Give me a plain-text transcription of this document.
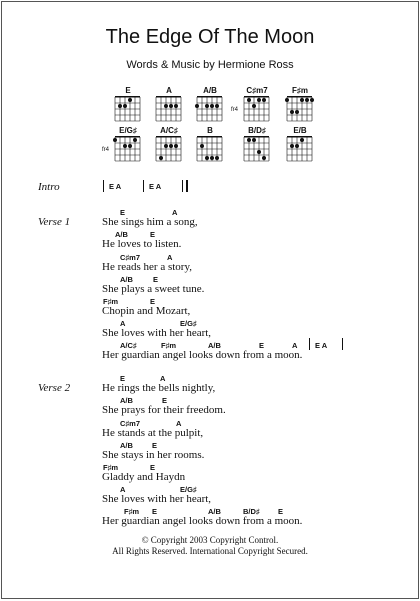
The Edge Of The Moon
Words & Music by Hermione Ross
E	A	A/B	C♯m7
fr4
F♯m
E/G♯
fr4
A/C♯	B	B/D♯	E/B
Intro	E A	E A
Verse 1
E	A
She sings him a song,
A/B	E
He loves to listen.
C♯m7	A
He reads her a story,
A/B	E
She plays a sweet tune.
F♯m	E
Chopin and Mozart,
A	E/G♯
She loves with her heart,
A/C♯	F♯m	A/B	E	A E A
Her guardian angel looks down from a moon.
Verse 2
E	A
He rings the bells nightly,
A/B	E
She prays for their freedom.
C♯m7	A
He stands at the pulpit,
A/B	E
She stays in her rooms.
F♯m	E
Gladdy and Haydn
A	E/G♯
She loves with her heart,
F♯m E	A/B	B/D♯ E
Her guardian angel looks down from a moon.
© Copyright 2003 Copyright Control.
All Rights Reserved. International Copyright Secured.
